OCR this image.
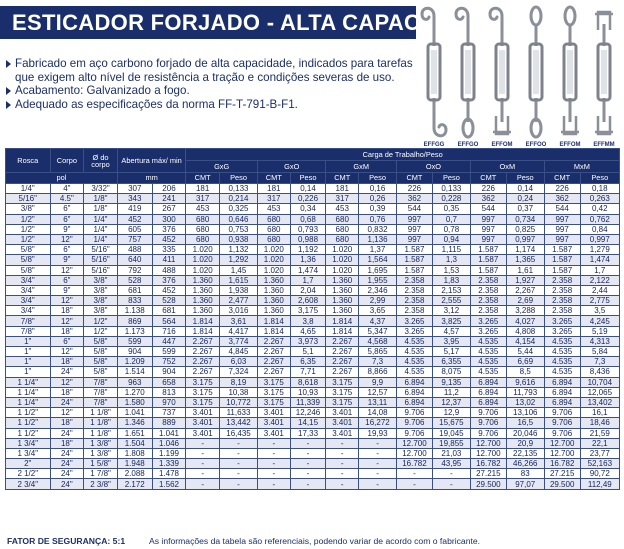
ESTICADOR FORJADO - ALTA CAPACIDADE
EFFGG EFFGO EFFOM EFFOO EFFOM EFFMM
Fabricado em aço carbono forjado de alta capacidade, indicados para tarefas que exigem alto nível de resistência a tração e condições severas de uso.
Acabamento: Galvanizado a fogo.
Adequado as especificações da norma FF-T-791-B-F1.
Rosca	Corpo	Ø do corpo	Abertura máx/ min		Carga de Trabalho/Peso											
					GxG		GxO		GxM		OxO		OxM		MxM	
pol			mm		CMT	Peso	CMT	Peso	CMT	Peso	CMT	Peso	CMT	Peso	CMT	Peso
1/4"	4"	3/32"	307	206	181	0,133	181	0,14	181	0,16	226	0,133	226	0,14	226	0,18
5/16"	4.5"	1/8"	343	241	317	0,214	317	0,226	317	0,26	362	0,228	362	0,24	362	0,263
3/8"	6"	1/8"	419	267	453	0,325	453	0,34	453	0,39	544	0,35	544	0,37	544	0,42
1/2"	6"	1/4"	452	300	680	0,646	680	0,68	680	0,76	997	0,7	997	0,734	997	0,762
1/2"	9"	1/4"	605	376	680	0,753	680	0,793	680	0,832	997	0,78	997	0,825	997	0,84
1/2"	12"	1/4"	757	452	680	0,938	680	0,988	680	1,136	997	0,94	997	0,997	997	0,997
5/8"	6"	5/16"	488	335	1.020	1,132	1.020	1,192	1.020	1,37	1.587	1,115	1.587	1,174	1.587	1,279
5/8"	9"	5/16"	640	411	1.020	1,292	1.020	1,36	1.020	1,564	1.587	1,3	1.587	1,365	1.587	1,474
5/8"	12"	5/16"	792	488	1.020	1,45	1.020	1,474	1.020	1,695	1.587	1,53	1.587	1,61	1.587	1,7
3/4"	6"	3/8"	528	376	1.360	1,615	1.360	1,7	1.360	1,955	2.358	1,83	2.358	1,927	2.358	2,122
3/4"	9"	3/8"	681	452	1.360	1,938	1.360	2,04	1.360	2,346	2.358	2,153	2.358	2,267	2.358	2,44
3/4"	12"	3/8"	833	528	1.360	2,477	1.360	2,608	1.360	2,99	2.358	2,555	2.358	2,69	2.358	2,775
3/4"	18"	3/8"	1.138	681	1.360	3,016	1.360	3,175	1.360	3,65	2.358	3,12	2.358	3,288	2.358	3,5
7/8"	12"	1/2"	869	564	1.814	3,61	1.814	3,8	1.814	4,37	3.265	3,825	3.265	4,027	3.265	4,245
7/8"	18"	1/2"	1.173	716	1.814	4,417	1.814	4,65	1.814	5,347	3.265	4,57	3.265	4,808	3.265	5,19
1"	6"	5/8"	599	447	2.267	3,774	2.267	3,973	2.267	4,568	4.535	3,95	4.535	4,154	4.535	4,313
1"	12"	5/8"	904	599	2.267	4,845	2.267	5,1	2.267	5,865	4.535	5,17	4.535	5,44	4.535	5,84
1"	18"	5/8"	1.209	752	2.267	6,03	2.267	6,35	2.267	7,3	4.535	6,355	4.535	6,69	4.535	7,3
1"	24"	5/8"	1.514	904	2.267	7,324	2.267	7,71	2.267	8,866	4.535	8,075	4.535	8,5	4.535	8,436
1 1/4"	12"	7/8"	963	658	3.175	8,19	3.175	8,618	3.175	9,9	6.894	9,135	6.894	9,616	6.894	10,704
1 1/4"	18"	7/8"	1.270	813	3.175	10,38	3.175	10,93	3.175	12,57	6.894	11,2	6.894	11,793	6.894	12,065
1 1/4"	24"	7/8"	1.580	970	3.175	10,772	3.175	11,339	3.175	13,11	6.894	12,37	6.894	13,02	6.894	13,402
1 1/2"	12"	1 1/8"	1.041	737	3.401	11,633	3.401	12,246	3.401	14,08	9.706	12,9	9.706	13,106	9.706	16,1
1 1/2"	18"	1 1/8"	1.346	889	3.401	13,442	3.401	14,15	3.401	16,272	9.706	15,675	9.706	16,5	9.706	18,46
1 1/2"	24"	1 1/8"	1.651	1.041	3.401	16,435	3.401	17,33	3.401	19,93	9.706	19,045	9.706	20,046	9.706	21,59
1 3/4"	18"	1 3/8"	1.504	1.046	-	-	-	-	-	-	12.700	19,855	12.700	20,9	12.700	22,1
1 3/4"	24"	1 3/8"	1.808	1.199	-	-	-	-	-	-	12.700	21,03	12.700	22,135	12.700	23,77
2"	24"	1 5/8"	1.948	1.339	-	-	-	-	-	-	16.782	43,95	16.782	46,266	16.782	52,163
2 1/2"	24"	1 7/8"	2.088	1.478	-	-	-	-	-	-	-	-	27.215	83	27.215	90,72
2 3/4"	24"	2 3/8"	2.172	1.562	-	-	-	-	-	-	-	-	29.500	97,07	29.500	112,49
FATOR DE SEGURANÇA: 5:1	As informações da tabela são referenciais, podendo variar de acordo com o fabricante.
